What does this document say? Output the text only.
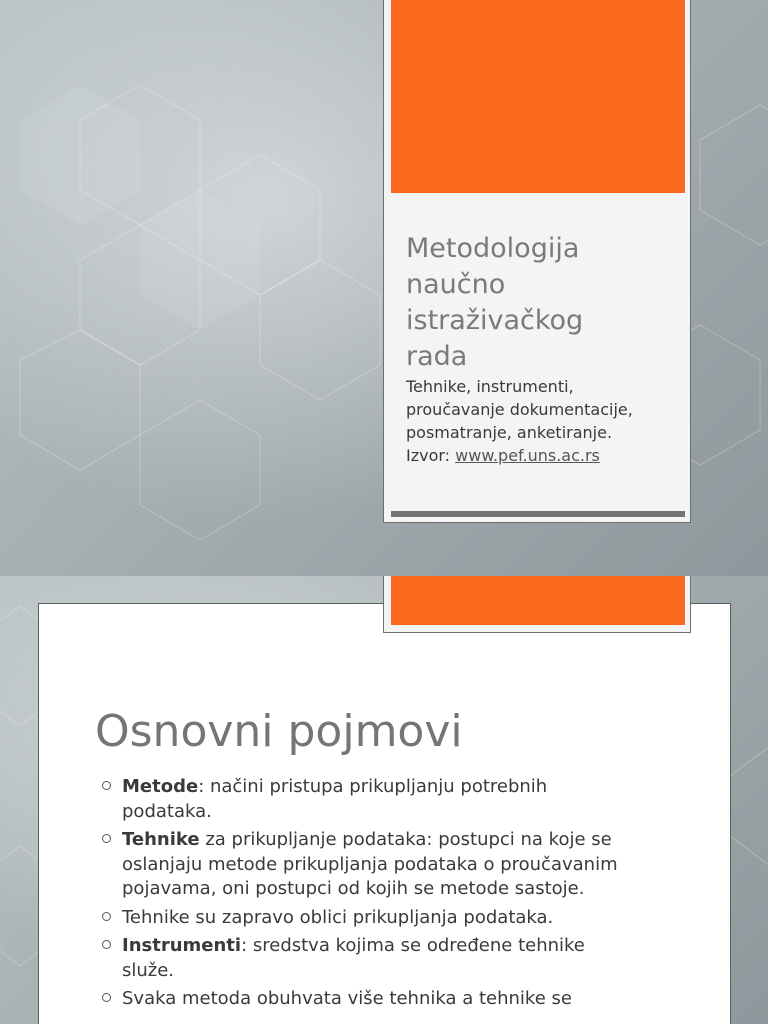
Metodologija
naučno
istraživačkog
rada
Tehnike, instrumenti,
proučavanje dokumentacije,
posmatranje, anketiranje.
Izvor: www.pef.uns.ac.rs
Osnovni pojmovi
Metode: načini pristupa prikupljanju potrebnih podataka.
Tehnike za prikupljanje podataka: postupci na koje se oslanjaju metode prikupljanja podataka o proučavanim pojavama, oni postupci od kojih se metode sastoje.
Tehnike su zapravo oblici prikupljanja podataka.
Instrumenti: sredstva kojima se određene tehnike služe.
Svaka metoda obuhvata više tehnika a tehnike se
